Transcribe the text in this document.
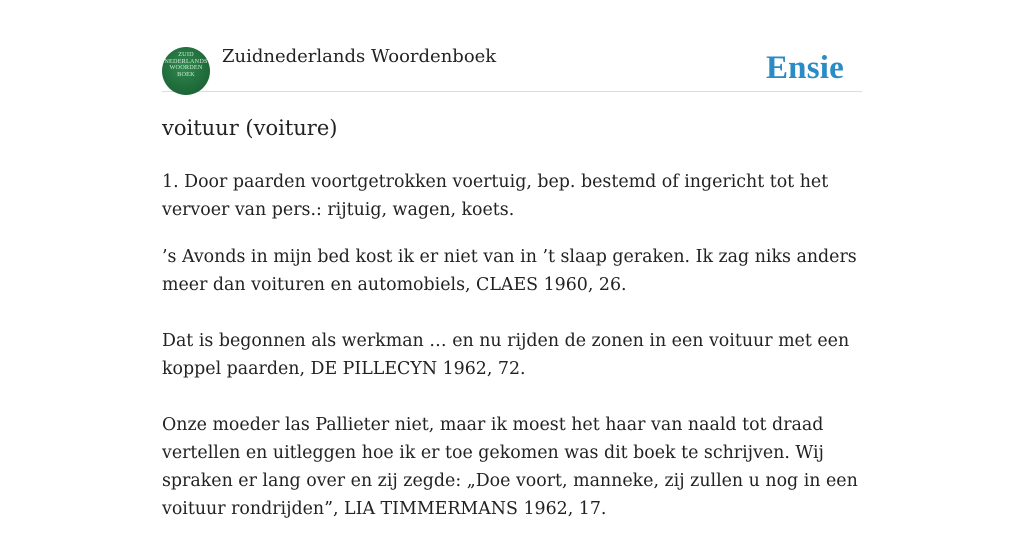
ZUID
NEDERLANDS
WOORDEN
BOEK
Zuidnederlands Woordenboek	Ensie
voituur (voiture)

1. Door paarden voortgetrokken voertuig, bep. bestemd of ingericht tot het vervoer van pers.: rijtuig, wagen, koets.

’s Avonds in mijn bed kost ik er niet van in ’t slaap geraken. Ik zag niks anders meer dan voituren en automobiels, CLAES 1960, 26.

Dat is begonnen als werkman … en nu rijden de zonen in een voituur met een koppel paarden, DE PILLECYN 1962, 72.

Onze moeder las Pallieter niet, maar ik moest het haar van naald tot draad vertellen en uitleggen hoe ik er toe gekomen was dit boek te schrijven. Wij spraken er lang over en zij zegde: „Doe voort, manneke, zij zullen u nog in een voituur rondrijden”, LIA TIMMERMANS 1962, 17.
